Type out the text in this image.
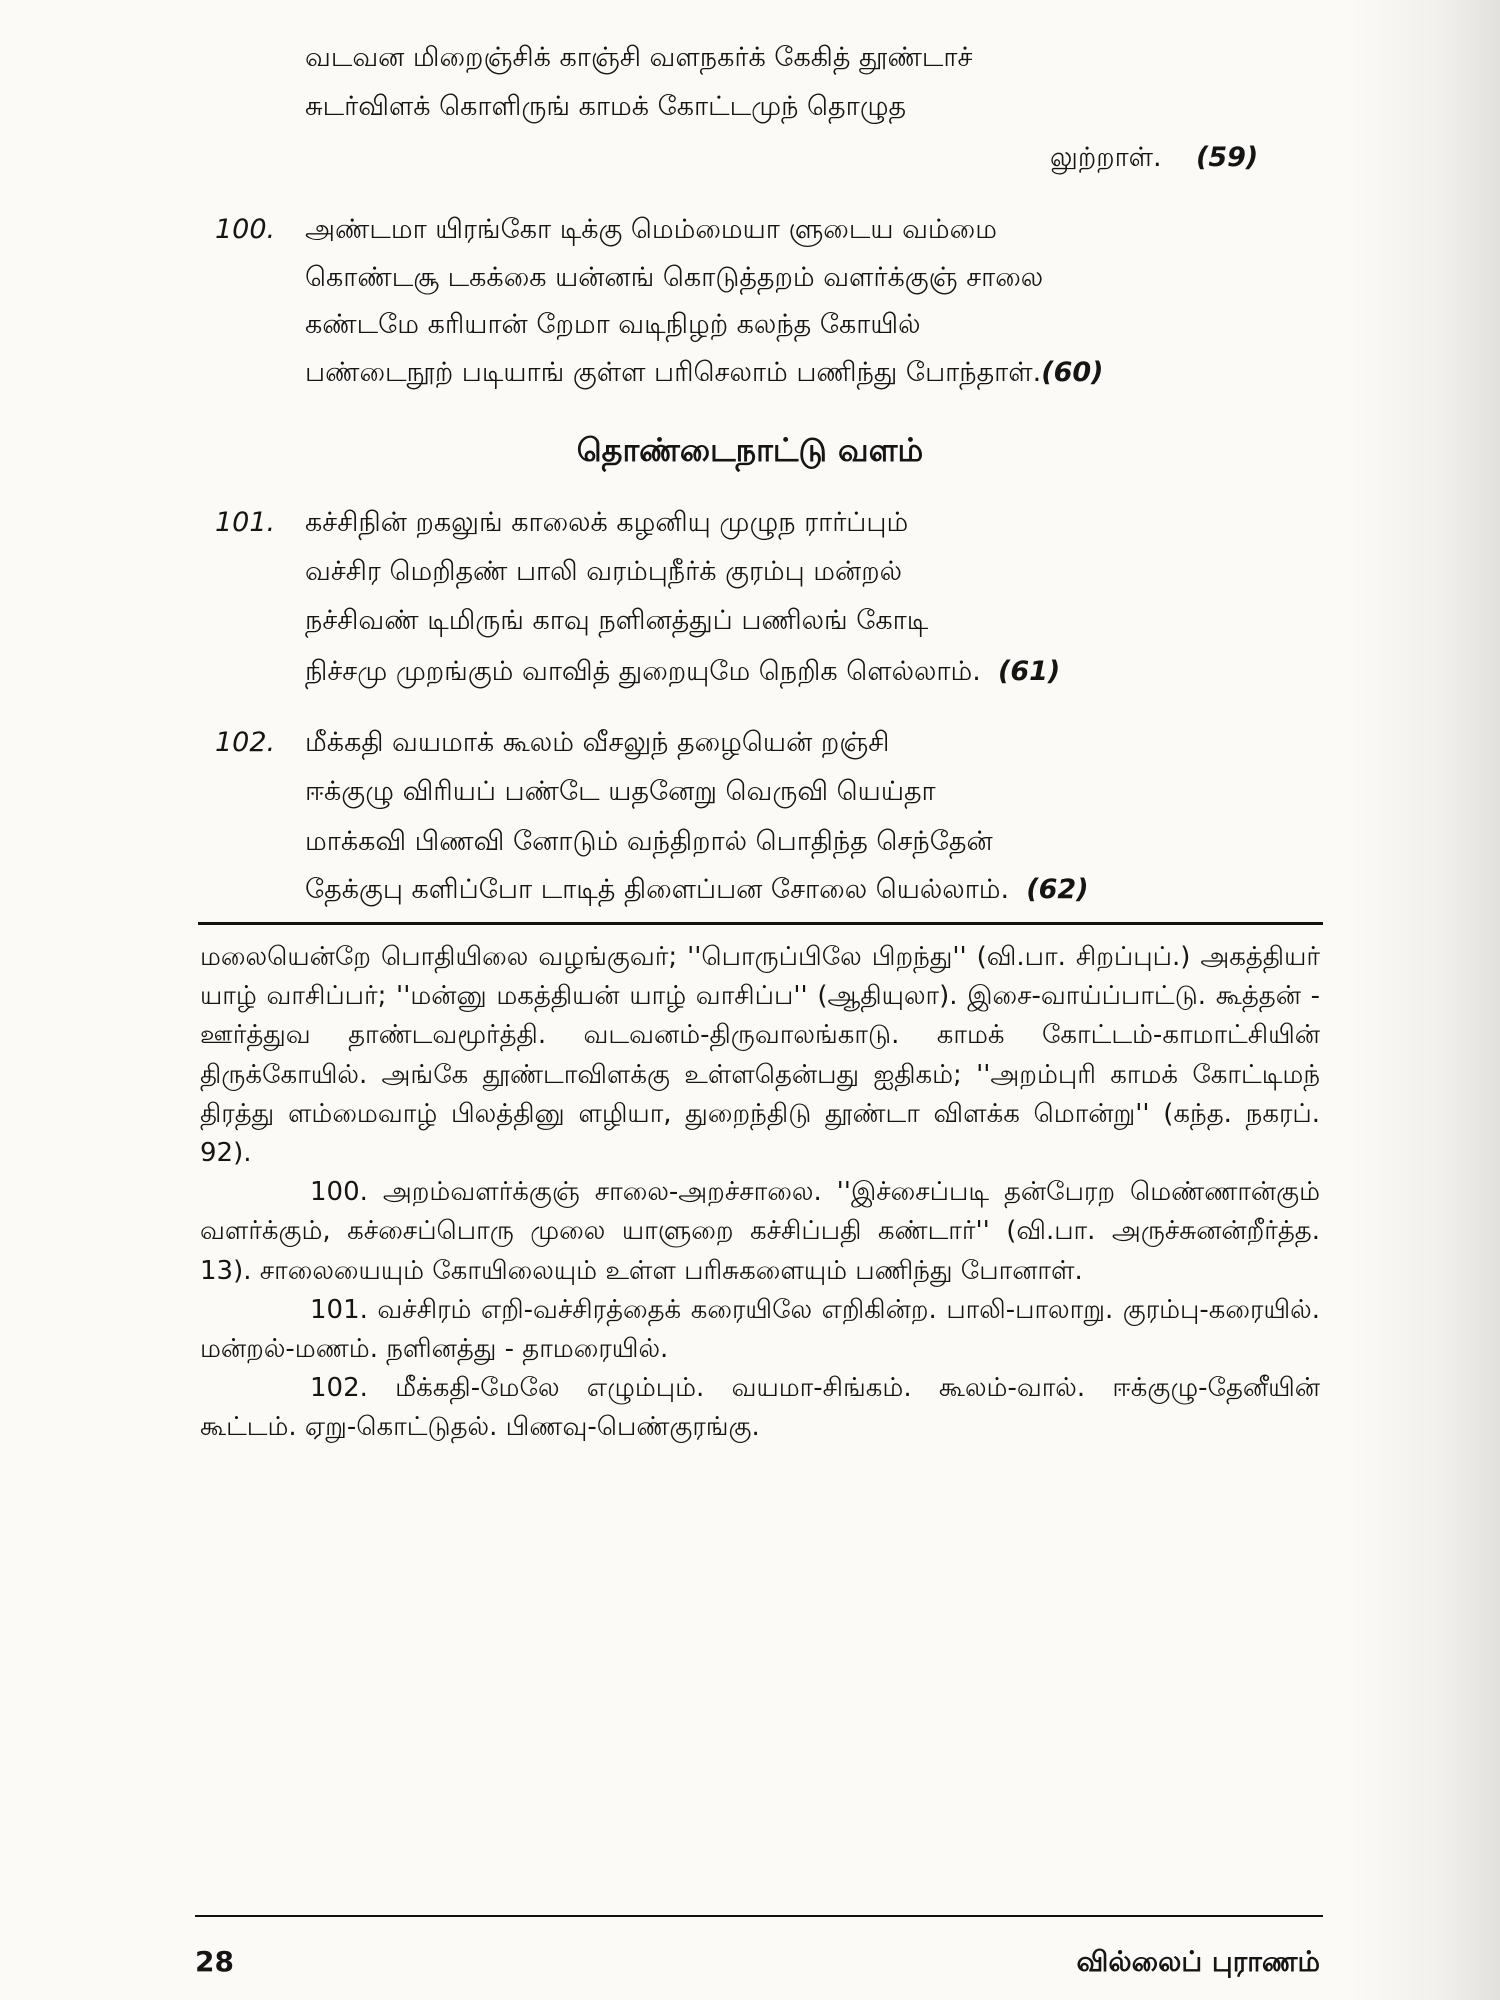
வடவன மிறைஞ்சிக் காஞ்சி வளநகர்க் கேகித் தூண்டாச்
சுடர்விளக் கொளிருங் காமக் கோட்டமுந் தொழுத
லுற்றாள். (59)
100. அண்டமா யிரங்கோ டிக்கு மெம்மையா ளுடைய வம்மை
கொண்டசூ டகக்கை யன்னங் கொடுத்தறம் வளர்க்குஞ் சாலை
கண்டமே கரியான் றேமா வடிநிழற் கலந்த கோயில்
பண்டைநூற் படியாங் குள்ள பரிசெலாம் பணிந்து போந்தாள்.(60)
தொண்டைநாட்டு வளம்
101. கச்சிநின் றகலுங் காலைக் கழனியு முழுந ரார்ப்பும்
வச்சிர மெறிதண் பாலி வரம்புநீர்க் குரம்பு மன்றல்
நச்சிவண் டிமிருங் காவு நளினத்துப் பணிலங் கோடி
நிச்சமு முறங்கும் வாவித் துறையுமே நெறிக ளெல்லாம். (61)
102. மீக்கதி வயமாக் கூலம் வீசலுந் தழையென் றஞ்சி
ஈக்குழு விரியப் பண்டே யதனேறு வெருவி யெய்தா
மாக்கவி பிணவி னோடும் வந்திறால் பொதிந்த செந்தேன்
தேக்குபு களிப்போ டாடித் திளைப்பன சோலை யெல்லாம். (62)

மலையென்றே பொதியிலை வழங்குவர்; ''பொருப்பிலே பிறந்து'' (வி.பா. சிறப்புப்.) அகத்தியர் யாழ் வாசிப்பர்; ''மன்னு மகத்தியன் யாழ் வாசிப்ப'' (ஆதியுலா). இசை-வாய்ப்பாட்டு. கூத்தன் - ஊர்த்துவ தாண்டவமூர்த்தி. வடவனம்-திருவாலங்காடு. காமக் கோட்டம்-காமாட்சியின் திருக்கோயில். அங்கே தூண்டாவிளக்கு உள்ளதென்பது ஐதிகம்; ''அறம்புரி காமக் கோட்டிமந் திரத்து ளம்மைவாழ் பிலத்தினு ளழியா, துறைந்திடு தூண்டா விளக்க மொன்று'' (கந்த. நகரப். 92).

100. அறம்வளர்க்குஞ் சாலை-அறச்சாலை. ''இச்சைப்படி தன்பேரற மெண்ணான்கும் வளர்க்கும், கச்சைப்பொரு முலை யாளுறை கச்சிப்பதி கண்டார்'' (வி.பா. அருச்சுனன்றீர்த்த. 13). சாலையையும் கோயிலையும் உள்ள பரிசுகளையும் பணிந்து போனாள்.

101. வச்சிரம் எறி-வச்சிரத்தைக் கரையிலே எறிகின்ற. பாலி-பாலாறு. குரம்பு-கரையில். மன்றல்-மணம். நளினத்து - தாமரையில்.

102. மீக்கதி-மேலே எழும்பும். வயமா-சிங்கம். கூலம்-வால். ஈக்குழு-தேனீயின் கூட்டம். ஏறு-கொட்டுதல். பிணவு-பெண்குரங்கு.

28	வில்லைப் புராணம்
